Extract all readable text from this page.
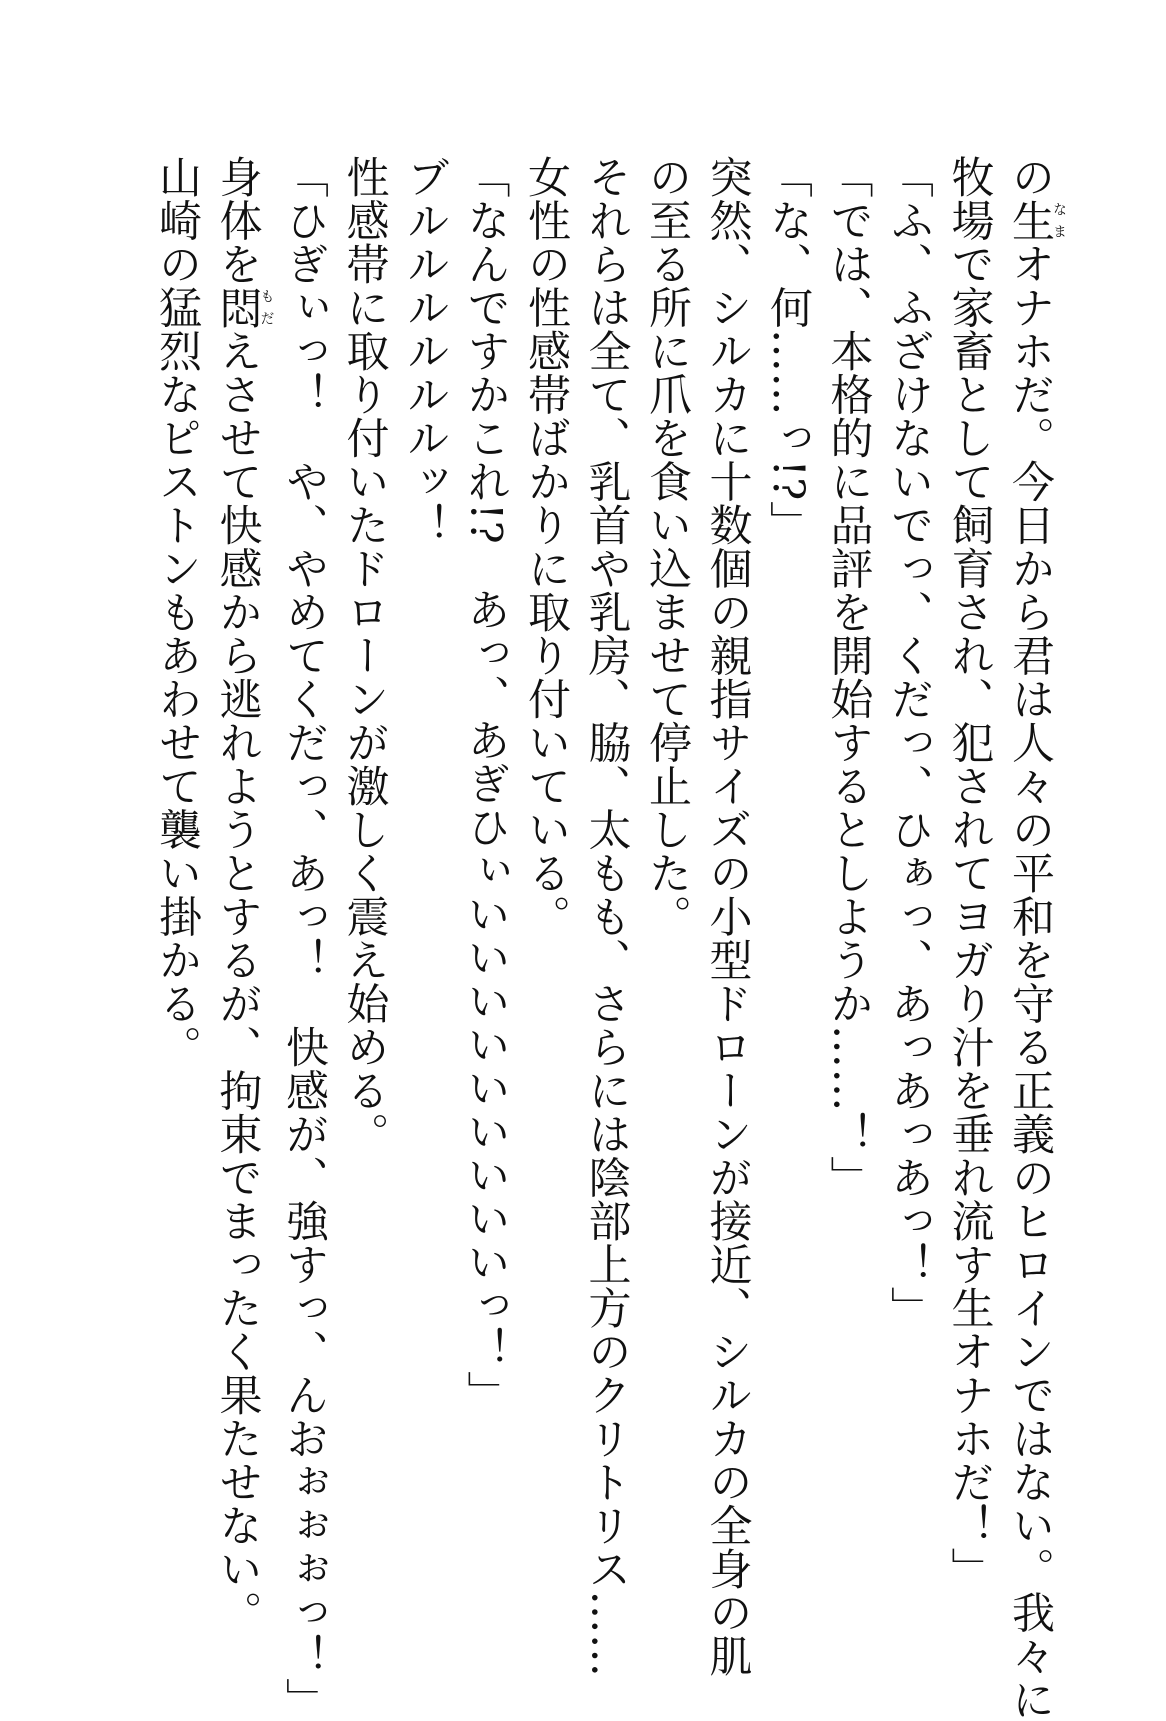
の生なまオナホだ。今日から君は人々の平和を守る正義のヒロインではない。我々に
牧場で家畜として飼育され、犯されてヨガり汁を垂れ流す生オナホだ！」
「ふ、ふざけないでっ、くだっ、ひぁっ、あっあっあっ！」
「では、本格的に品評を開始するとしようか……！」
「な、何……っ!?」
突然、シルカに十数個の親指サイズの小型ドローンが接近、シルカの全身の肌
の至る所に爪を食い込ませて停止した。
それらは全て、乳首や乳房、脇、太もも、さらには陰部上方のクリトリス……
女性の性感帯ばかりに取り付いている。
「なんですかこれ!?　あっ、あぎひぃいいいいいいいいいっ！」
ブルルルルルルッ！
性感帯に取り付いたドローンが激しく震え始める。
「ひぎぃっ！　や、やめてくだっ、あっ！　快感が、強すっ、んおぉぉぉっ！」
身体を悶もだえさせて快感から逃れようとするが、拘束でまったく果たせない。
山崎の猛烈なピストンもあわせて襲い掛かる。
